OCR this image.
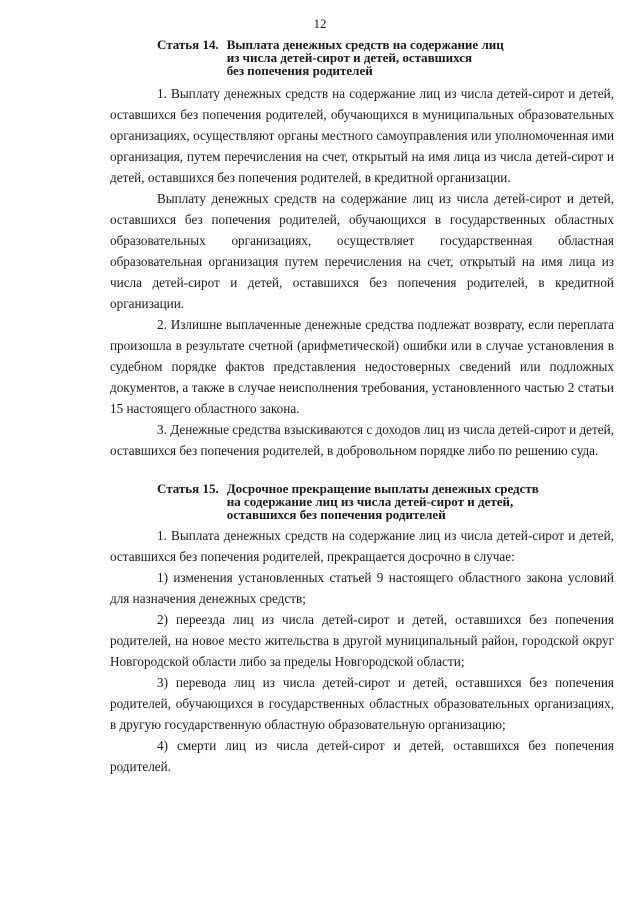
12
Статья 14. Выплата денежных средств на содержание лиц
из числа детей-сирот и детей, оставшихся
без попечения родителей

1. Выплату денежных средств на содержание лиц из числа детей-сирот и детей, оставшихся без попечения родителей, обучающихся в муниципальных образовательных организациях, осуществляют органы местного самоуправления или уполномоченная ими организация, путем перечисления на счет, открытый на имя лица из числа детей-сирот и детей, оставшихся без попечения родителей, в кредитной организации.

Выплату денежных средств на содержание лиц из числа детей-сирот и детей, оставшихся без попечения родителей, обучающихся в государственных областных образовательных организациях, осуществляет государственная областная образовательная организация путем перечисления на счет, открытый на имя лица из числа детей-сирот и детей, оставшихся без попечения родителей, в кредитной организации.

2. Излишне выплаченные денежные средства подлежат возврату, если переплата произошла в результате счетной (арифметической) ошибки или в случае установления в судебном порядке фактов представления недостоверных сведений или подложных документов, а также в случае неисполнения требования, установленного частью 2 статьи 15 настоящего областного закона.

3. Денежные средства взыскиваются с доходов лиц из числа детей-сирот и детей, оставшихся без попечения родителей, в добровольном порядке либо по решению суда.

Статья 15. Досрочное прекращение выплаты денежных средств
на содержание лиц из числа детей-сирот и детей,
оставшихся без попечения родителей

1. Выплата денежных средств на содержание лиц из числа детей-сирот и детей, оставшихся без попечения родителей, прекращается досрочно в случае:

1) изменения установленных статьей 9 настоящего областного закона условий для назначения денежных средств;

2) переезда лиц из числа детей-сирот и детей, оставшихся без попечения родителей, на новое место жительства в другой муниципальный район, городской округ Новгородской области либо за пределы Новгородской области;

3) перевода лиц из числа детей-сирот и детей, оставшихся без попечения родителей, обучающихся в государственных областных образовательных организациях, в другую государственную областную образовательную организацию;

4) смерти лиц из числа детей-сирот и детей, оставшихся без попечения родителей.
